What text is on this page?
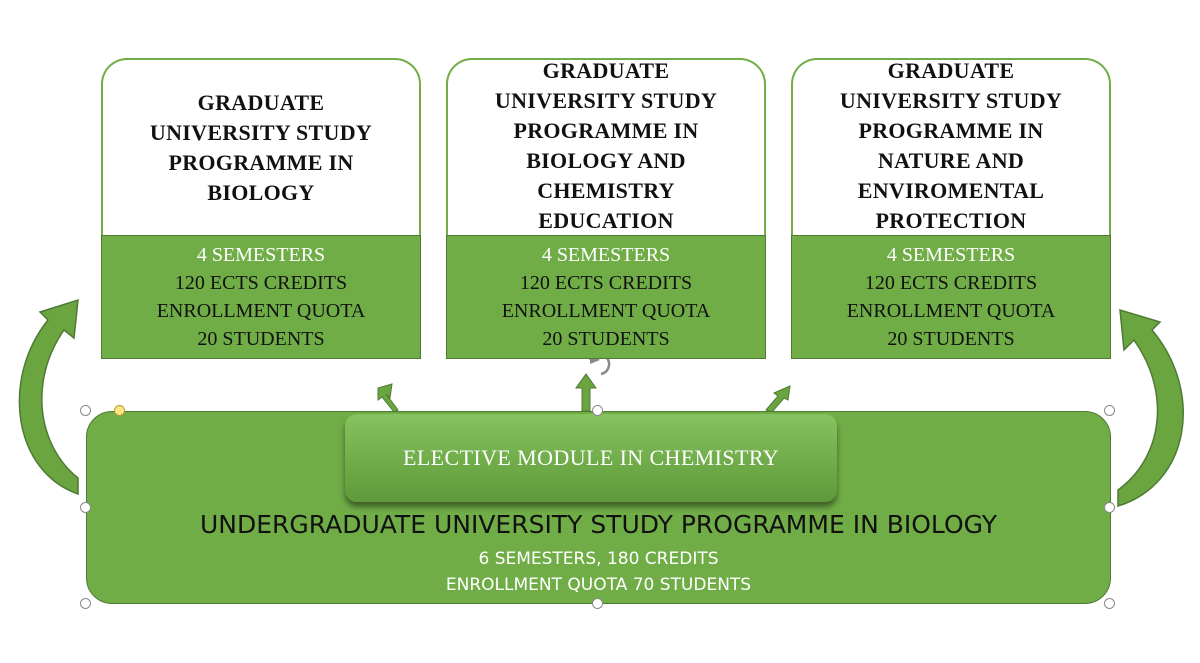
GRADUATE
UNIVERSITY STUDY
PROGRAMME IN
BIOLOGY
4 SEMESTERS
120 ECTS CREDITS
ENROLLMENT QUOTA
20 STUDENTS
GRADUATE
UNIVERSITY STUDY
PROGRAMME IN
BIOLOGY AND
CHEMISTRY
EDUCATION
4 SEMESTERS
120 ECTS CREDITS
ENROLLMENT QUOTA
20 STUDENTS
GRADUATE
UNIVERSITY STUDY
PROGRAMME IN
NATURE AND
ENVIROMENTAL
PROTECTION
4 SEMESTERS
120 ECTS CREDITS
ENROLLMENT QUOTA
20 STUDENTS
ELECTIVE MODULE IN CHEMISTRY
UNDERGRADUATE UNIVERSITY STUDY PROGRAMME IN BIOLOGY
6 SEMESTERS, 180 CREDITS
ENROLLMENT QUOTA 70 STUDENTS
